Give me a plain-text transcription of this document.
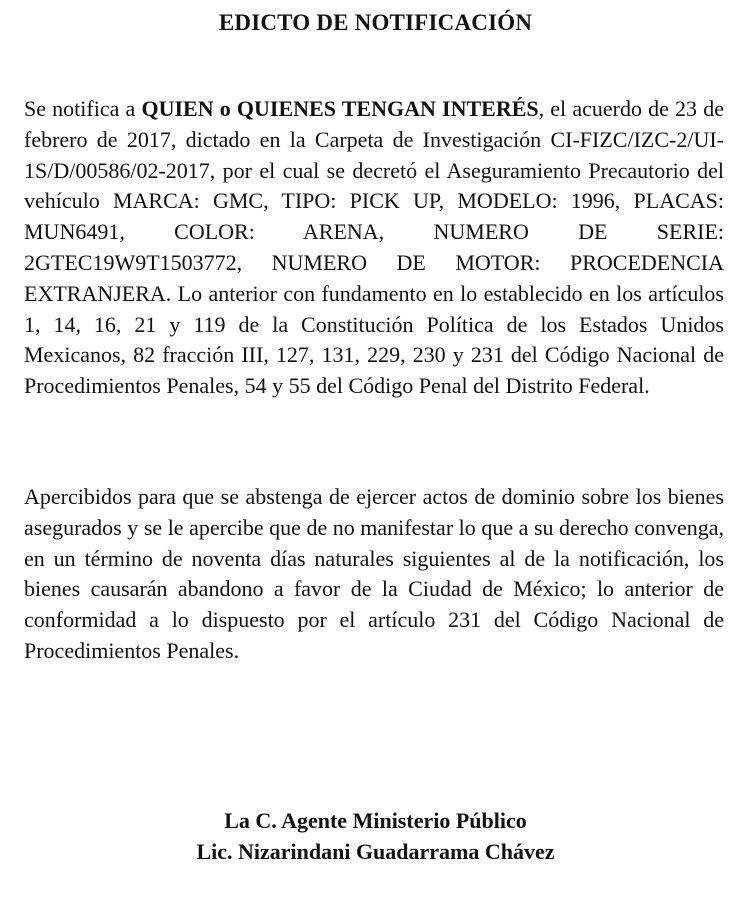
EDICTO DE NOTIFICACIÓN

Se notifica a QUIEN o QUIENES TENGAN INTERÉS, el acuerdo de 23 de febrero de 2017, dictado en la Carpeta de Investigación CI-FIZC/IZC-2/UI-1S/D/00586/02-2017, por el cual se decretó el Aseguramiento Precautorio del vehículo MARCA: GMC, TIPO: PICK UP, MODELO: 1996, PLACAS: MUN6491, COLOR: ARENA, NUMERO DE SERIE: 2GTEC19W9T1503772, NUMERO DE MOTOR: PROCEDENCIA EXTRANJERA. Lo anterior con fundamento en lo establecido en los artículos 1, 14, 16, 21 y 119 de la Constitución Política de los Estados Unidos Mexicanos, 82 fracción III, 127, 131, 229, 230 y 231 del Código Nacional de Procedimientos Penales, 54 y 55 del Código Penal del Distrito Federal.

Apercibidos para que se abstenga de ejercer actos de dominio sobre los bienes asegurados y se le apercibe que de no manifestar lo que a su derecho convenga, en un término de noventa días naturales siguientes al de la notificación, los bienes causarán abandono a favor de la Ciudad de México; lo anterior de conformidad a lo dispuesto por el artículo 231 del Código Nacional de Procedimientos Penales.

La C. Agente Ministerio Público
Lic. Nizarindani Guadarrama Chávez
